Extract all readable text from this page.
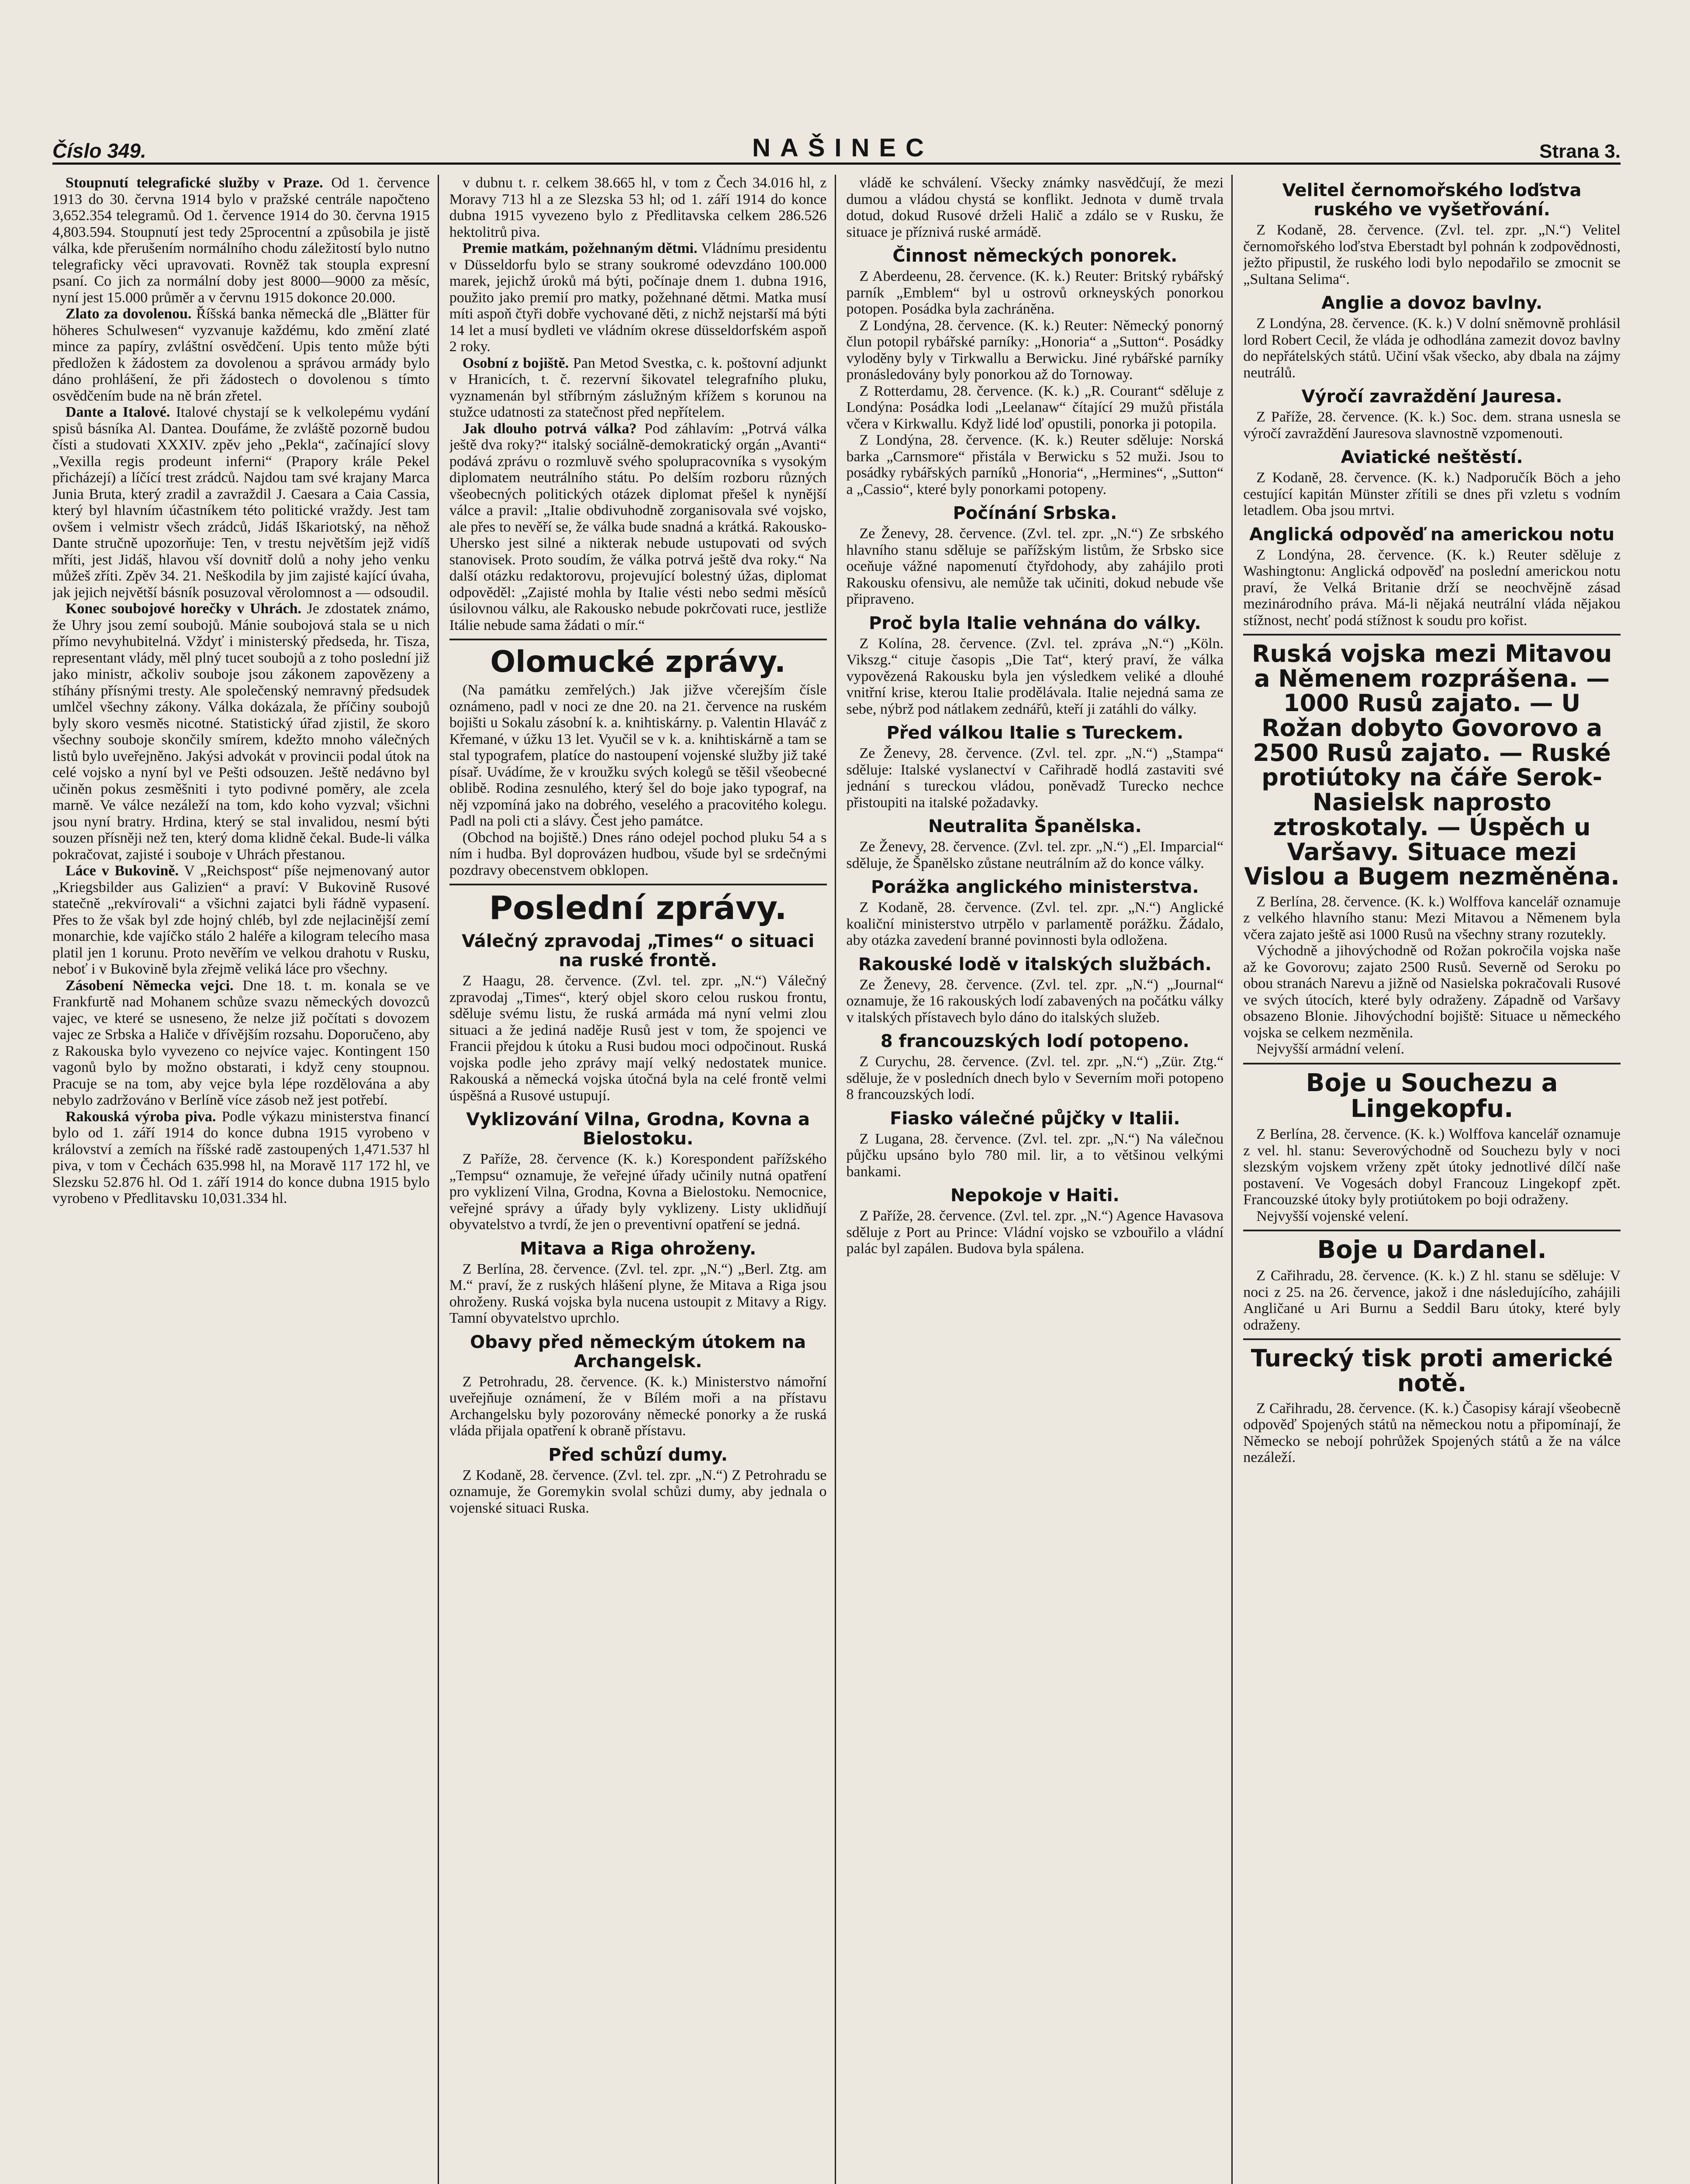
Číslo 349.	NAŠINEC	Strana 3.

Stoupnutí telegrafické služby v Praze. Od 1. července 1913 do 30. června 1914 bylo v pražské centrále napočteno 3,652.354 telegramů. Od 1. července 1914 do 30. června 1915 4,803.594. Stoupnutí jest tedy 25procentní a způsobila je jistě válka, kde přerušením normálního chodu záležitostí bylo nutno telegraficky věci upravovati. Rovněž tak stoupla expresní psaní. Co jich za normální doby jest 8000—9000 za měsíc, nyní jest 15.000 průměr a v červnu 1915 dokonce 20.000.

Zlato za dovolenou. Říšská banka německá dle „Blätter für höheres Schulwesen“ vyzvanuje každému, kdo změní zlaté mince za papíry, zvláštní osvědčení. Upis tento může býti předložen k žádostem za dovolenou a správou armády bylo dáno prohlášení, že při žádostech o dovolenou s tímto osvědčením bude na ně brán zřetel.

Dante a Italové. Italové chystají se k velkolepému vydání spisů básníka Al. Danteа. Doufáme, že zvláště pozorně budou čísti a studovati XXXIV. zpěv jeho „Pekla“, začínající slovy „Vexilla regis prodeunt inferni“ (Prapory krále Pekel přicházejí) a líčící trest zrádců. Najdou tam své krajany Marca Junia Bruta, který zradil a zavraždil J. Caesara a Caia Cassia, který byl hlavním účastníkem této politické vraždy. Jest tam ovšem i velmistr všech zrádců, Jidáš Iškariotský, na něhož Dante stručně upozorňuje: Ten, v trestu největším jejž vidíš mříti, jest Jidáš, hlavou vší dovnitř dolů a nohy jeho venku můžeš zříti. Zpěv 34. 21. Neškodila by jim zajisté kající úvaha, jak jejich největší básník posuzoval věrolomnost a — odsoudil.

Konec soubojové horečky v Uhrách. Je zdostatek známo, že Uhry jsou zemí soubojů. Mánie soubojová stala se u nich přímo nevyhubitelná. Vždyť i ministerský předseda, hr. Tisza, representant vlády, měl plný tucet soubojů a z toho poslední již jako ministr, ačkoliv souboje jsou zákonem zapovězeny a stíhány přísnými tresty. Ale společenský nemravný předsudek umlčel všechny zákony. Válka dokázala, že příčiny soubojů byly skoro vesměs nicotné. Statistický úřad zjistil, že skoro všechny souboje skončily smírem, kdežto mnoho válečných listů bylo uveřejněno. Jakýsi advokát v provincii podal útok na celé vojsko a nyní byl ve Pešti odsouzen. Ještě nedávno byl učiněn pokus zesměšniti i tyto podivné poměry, ale zcela marně. Ve válce nezáleží na tom, kdo koho vyzval; všichni jsou nyní bratry. Hrdina, který se stal invalidou, nesmí býti souzen přísněji než ten, který doma klidně čekal. Bude-li válka pokračovat, zajisté i souboje v Uhrách přestanou.

Láce v Bukovině. V „Reichspost“ píše nejmenovaný autor „Kriegsbilder aus Galizien“ a praví: V Bukovině Rusové statečně „rekvírovali“ a všichni zajatci byli řádně vypasení. Přes to že však byl zde hojný chléb, byl zde nejlacinější zemí monarchie, kde vajíčko stálo 2 haléře a kilogram telecího masa platil jen 1 korunu. Proto nevěřím ve velkou drahotu v Rusku, neboť i v Bukovině byla zřejmě veliká láce pro všechny.

Zásobení Německa vejci. Dne 18. t. m. konala se ve Frankfurtě nad Mohanem schůze svazu německých dovozců vajec, ve které se usneseno, že nelze již počítati s dovozem vajec ze Srbska a Haliče v dřívějším rozsahu. Doporučeno, aby z Rakouska bylo vyvezeno co nejvíce vajec. Kontingent 150 vagonů bylo by možno obstarati, i když ceny stoupnou. Pracuje se na tom, aby vejce byla lépe rozdělována a aby nebylo zadržováno v Berlíně více zásob než jest potřebí.

Rakouská výroba piva. Podle výkazu ministerstva financí bylo od 1. září 1914 do konce dubna 1915 vyrobeno v království a zemích na říšské radě zastoupených 1,471.537 hl piva, v tom v Čechách 635.998 hl, na Moravě 117 172 hl, ve Slezsku 52.876 hl. Od 1. září 1914 do konce dubna 1915 bylo vyrobeno v Předlitavsku 10,031.334 hl.

v dubnu t. r. celkem 38.665 hl, v tom z Čech 34.016 hl, z Moravy 713 hl a ze Slezska 53 hl; od 1. září 1914 do konce dubna 1915 vyvezeno bylo z Předlitavska celkem 286.526 hektolitrů piva.

Premie matkám, požehnaným dětmi. Vládnímu presidentu v Düsseldorfu bylo se strany soukromé odevzdáno 100.000 marek, jejichž úroků má býti, počínaje dnem 1. dubna 1916, použito jako premií pro matky, požehnané dětmi. Matka musí míti aspoň čtyři dobře vychované děti, z nichž nejstarší má býti 14 let a musí bydleti ve vládním okrese düsseldorfském aspoň 2 roky.

Osobní z bojiště. Pan Metod Svestka, c. k. poštovní adjunkt v Hranicích, t. č. rezervní šikovatel telegrafního pluku, vyznamenán byl stříbrným záslužným křížem s korunou na stužce udatnosti za statečnost před nepřítelem.

Jak dlouho potrvá válka? Pod záhlavím: „Potrvá válka ještě dva roky?“ italský sociálně-demokratický orgán „Avanti“ podává zprávu o rozmluvě svého spolupracovníka s vysokým diplomatem neutrálního státu. Po delším rozboru různých všeobecných politických otázek diplomat přešel k nynější válce a pravil: „Italie obdivuhodně zorganisovala své vojsko, ale přes to nevěří se, že válka bude snadná a krátká. Rakousko-Uhersko jest silné a nikterak nebude ustupovati od svých stanovisek. Proto soudím, že válka potrvá ještě dva roky.“ Na další otázku redaktorovu, projevující bolestný úžas, diplomat odpověděl: „Zajisté mohla by Italie vésti nebo sedmi měsíců úsilovnou válku, ale Rakousko nebude pokrčovati ruce, jestliže Itálie nebude sama žádati o mír.“

Olomucké zprávy.

(Na památku zemřelých.) Jak jižve včerejším čísle oznámeno, padl v noci ze dne 20. na 21. července na ruském bojišti u Sokalu zásobní k. a. knihtiskárny. p. Valentin Hlaváč z Křemané, v úžku 13 let. Vyučil se v k. a. knihtiskárně a tam se stal typografem, platíce do nastoupení vojenské služby již také písař. Uvádíme, že v kroužku svých kolegů se těšil všeobecné oblibě. Rodina zesnulého, který šel do boje jako typograf, na něj vzpomíná jako na dobrého, veselého a pracovitého kolegu. Padl na poli cti a slávy. Čest jeho památce.

(Obchod na bojiště.) Dnes ráno odejel pochod pluku 54 a s ním i hudba. Byl doprovázen hudbou, všude byl se srdečnými pozdravy obecenstvem obklopen.

Poslední zprávy.
Válečný zpravodaj „Times“ o situaci na ruské frontě.

Z Haagu, 28. července. (Zvl. tel. zpr. „N.“) Válečný zpravodaj „Times“, který objel skoro celou ruskou frontu, sděluje svému listu, že ruská armáda má nyní velmi zlou situaci a že jediná naděje Rusů jest v tom, že spojenci ve Francii přejdou k útoku a Rusi budou moci odpočinout. Ruská vojska podle jeho zprávy mají velký nedostatek munice. Rakouská a německá vojska útočná byla na celé frontě velmi úspěšná a Rusové ustupují.

Vyklizování Vilna, Grodna, Kovna a Bielostoku.

Z Paříže, 28. července (K. k.) Korespondent pařížského „Tempsu“ oznamuje, že veřejné úřady učinily nutná opatření pro vyklizení Vilna, Grodna, Kovna a Bielostoku. Nemocnice, veřejné správy a úřady byly vyklizeny. Listy uklidňují obyvatelstvo a tvrdí, že jen o preventivní opatření se jedná.

Mitava a Riga ohroženy.

Z Berlína, 28. července. (Zvl. tel. zpr. „N.“) „Berl. Ztg. am M.“ praví, že z ruských hlášení plyne, že Mitava a Riga jsou ohroženy. Ruská vojska byla nucena ustoupit z Mitavy a Rigy. Tamní obyvatelstvo uprchlo.

Obavy před německým útokem na Archangelsk.

Z Petrohradu, 28. července. (K. k.) Ministerstvo námořní uveřejňuje oznámení, že v Bílém moři a na přístavu Archangelsku byly pozorovány německé ponorky a že ruská vláda přijala opatření k obraně přístavu.

Před schůzí dumy.

Z Kodaně, 28. července. (Zvl. tel. zpr. „N.“) Z Petrohradu se oznamuje, že Goremykin svolal schůzi dumy, aby jednala o vojenské situaci Ruska.

vládě ke schválení. Všecky známky nasvědčují, že mezi dumou a vládou chystá se konflikt. Jednota v dumě trvala dotud, dokud Rusové drželi Halič a zdálo se v Rusku, že situace je příznivá ruské armádě.

Činnost německých ponorek.

Z Aberdeenu, 28. července. (K. k.) Reuter: Britský rybářský parník „Emblem“ byl u ostrovů orkneyských ponorkou potopen. Posádka byla zachráněna.

Z Londýna, 28. července. (K. k.) Reuter: Německý ponorný člun potopil rybářské parníky: „Honoria“ a „Sutton“. Posádky vyloděny byly v Tirkwallu a Berwicku. Jiné rybářské parníky pronásledovány byly ponorkou až do Tornoway.

Z Rotterdamu, 28. července. (K. k.) „R. Courant“ sděluje z Londýna: Posádka lodi „Leelanaw“ čítající 29 mužů přistála včera v Kirkwallu. Když lidé loď opustili, ponorka ji potopila.

Z Londýna, 28. července. (K. k.) Reuter sděluje: Norská barka „Carnsmore“ přistála v Berwicku s 52 muži. Jsou to posádky rybářských parníků „Honoria“, „Hermines“, „Sutton“ a „Cassio“, které byly ponorkami potopeny.

Počínání Srbska.

Ze Ženevy, 28. července. (Zvl. tel. zpr. „N.“) Ze srbského hlavního stanu sděluje se pařížským listům, že Srbsko sice oceňuje vážné napomenutí čtyřdohody, aby zahájilo proti Rakousku ofensivu, ale nemůže tak učiniti, dokud nebude vše připraveno.

Proč byla Italie vehnána do války.

Z Kolína, 28. července. (Zvl. tel. zpráva „N.“) „Köln. Vikszg.“ cituje časopis „Die Tat“, který praví, že válka vypovězená Rakousku byla jen výsledkem veliké a dlouhé vnitřní krise, kterou Italie prodělávala. Italie nejedná sama ze sebe, nýbrž pod nátlakem zednářů, kteří ji zatáhli do války.

Před válkou Italie s Tureckem.

Ze Ženevy, 28. července. (Zvl. tel. zpr. „N.“) „Stampa“ sděluje: Italské vyslanectví v Cařihradě hodlá zastaviti své jednání s tureckou vládou, poněvadž Turecko nechce přistoupiti na italské požadavky.

Neutralita Španělska.

Ze Ženevy, 28. července. (Zvl. tel. zpr. „N.“) „El. Imparcial“ sděluje, že Španělsko zůstane neutrálním až do konce války.

Porážka anglického ministerstva.

Z Kodaně, 28. července. (Zvl. tel. zpr. „N.“) Anglické koaliční ministerstvo utrpělo v parlamentě porážku. Žádalo, aby otázka zavedení branné povinnosti byla odložena.

Rakouské lodě v italských službách.

Ze Ženevy, 28. července. (Zvl. tel. zpr. „N.“) „Journal“ oznamuje, že 16 rakouských lodí zabavených na počátku války v italských přístavech bylo dáno do italských služeb.

8 francouzských lodí potopeno.

Z Curychu, 28. července. (Zvl. tel. zpr. „N.“) „Zür. Ztg.“ sděluje, že v posledních dnech bylo v Severním moři potopeno 8 francouzských lodí.

Fiasko válečné půjčky v Italii.

Z Lugana, 28. července. (Zvl. tel. zpr. „N.“) Na válečnou půjčku upsáno bylo 780 mil. lir, a to většinou velkými bankami.

Nepokoje v Haiti.

Z Paříže, 28. července. (Zvl. tel. zpr. „N.“) Agence Havasova sděluje z Port au Prince: Vládní vojsko se vzbouřilo a vládní palác byl zapálen. Budova byla spálena.

Velitel černomořského loďstva ruského ve vyšetřování.

Z Kodaně, 28. července. (Zvl. tel. zpr. „N.“) Velitel černomořského loďstva Eberstadt byl pohnán k zodpovědnosti, ježto připustil, že ruského lodi bylo nepodařilo se zmocnit se „Sultana Selima“.

Anglie a dovoz bavlny.

Z Londýna, 28. července. (K. k.) V dolní sněmovně prohlásil lord Robert Cecil, že vláda je odhodlána zamezit dovoz bavlny do nepřátelských států. Učiní však všecko, aby dbala na zájmy neutrálů.

Výročí zavraždění Jauresa.

Z Paříže, 28. července. (K. k.) Soc. dem. strana usnesla se výročí zavraždění Jauresova slavnostně vzpomenouti.

Aviatické neštěstí.

Z Kodaně, 28. července. (K. k.) Nadporučík Böch a jeho cestující kapitán Münster zřítili se dnes při vzletu s vodním letadlem. Oba jsou mrtvi.

Anglická odpověď na americkou notu

Z Londýna, 28. července. (K. k.) Reuter sděluje z Washingtonu: Anglická odpověď na poslední americkou notu praví, že Velká Britanie drží se neochvějně zásad mezinárodního práva. Má-li nějaká neutrální vláda nějakou stížnost, nechť podá stížnost k soudu pro kořist.

Ruská vojska mezi Mitavou a Němenem rozprášena. — 1000 Rusů zajato. — U Rožan dobyto Govorovo a 2500 Rusů zajato. — Ruské protiútoky na čáře Serok-Nasielsk naprosto ztroskotaly. — Úspěch u Varšavy. Situace mezi Vislou a Bugem nezměněna.

Z Berlína, 28. července. (K. k.) Wolffova kancelář oznamuje z velkého hlavního stanu: Mezi Mitavou a Němenem byla včera zajato ještě asi 1000 Rusů na všechny strany rozutekly.

Východně a jihovýchodně od Rožan pokročila vojska naše až ke Govorovu; zajato 2500 Rusů. Severně od Seroku po obou stranách Narevu a jižně od Nasielska pokračovali Rusové ve svých útocích, které byly odraženy. Západně od Varšavy obsazeno Blonie. Jihovýchodní bojiště: Situace u německého vojska se celkem nezměnila.

Nejvyšší armádní velení.

Boje u Souchezu a Lingekopfu.

Z Berlína, 28. července. (K. k.) Wolffova kancelář oznamuje z vel. hl. stanu: Severovýchodně od Souchezu byly v noci slezským vojskem vrženy zpět útoky jednotlivé dílčí naše postavení. Ve Vogesách dobyl Francouz Lingekopf zpět. Francouzské útoky byly protiútokem po boji odraženy.

Nejvyšší vojenské velení.

Boje u Dardanel.

Z Cařihradu, 28. července. (K. k.) Z hl. stanu se sděluje: V noci z 25. na 26. července, jakož i dne následujícího, zahájili Angličané u Ari Burnu a Seddil Baru útoky, které byly odraženy.

Turecký tisk proti americké notě.

Z Cařihradu, 28. července. (K. k.) Časopisy kárají všeobecně odpověď Spojených států na německou notu a připomínají, že Německo se nebojí pohrůžek Spojených států a že na válce nezáleží.
